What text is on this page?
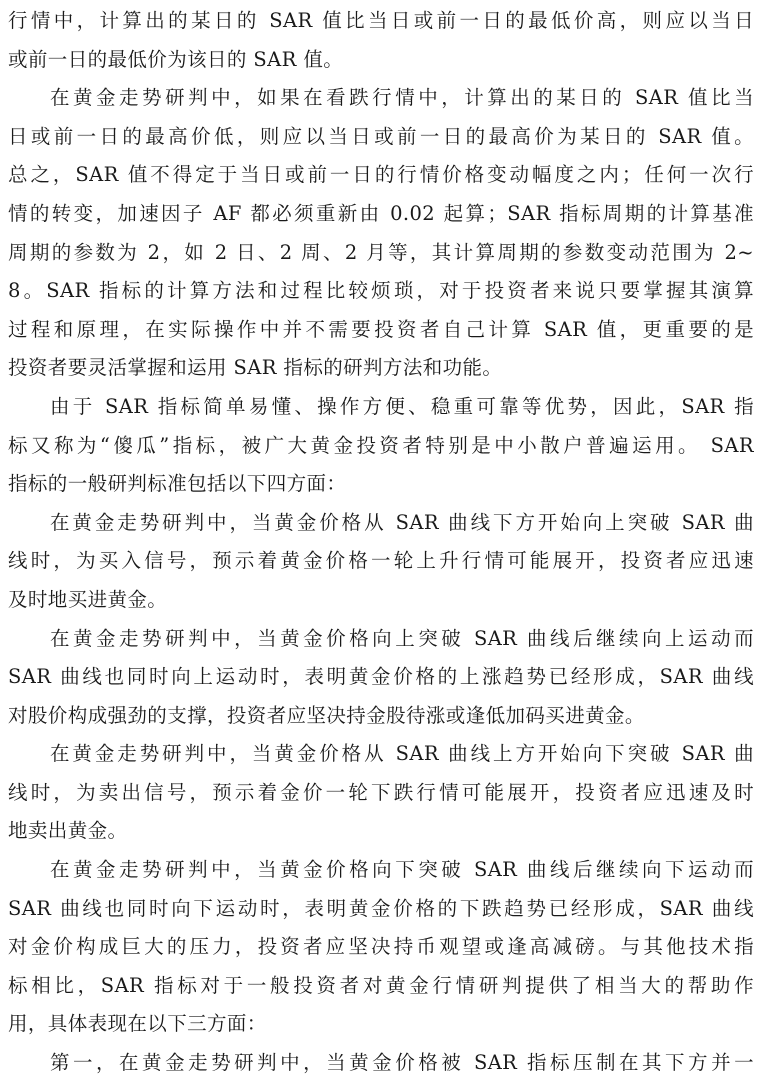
行情中，计算出的某日的 SAR 值比当日或前一日的最低价高，则应以当日
或前一日的最低价为该日的 SAR 值。
在黄金走势研判中，如果在看跌行情中，计算出的某日的 SAR 值比当
日或前一日的最高价低，则应以当日或前一日的最高价为某日的 SAR 值。
总之，SAR 值不得定于当日或前一日的行情价格变动幅度之内；任何一次行
情的转变，加速因子 AF 都必须重新由 0.02 起算；SAR 指标周期的计算基准
周期的参数为 2，如 2 日、2 周、2 月等，其计算周期的参数变动范围为 2~
8。SAR 指标的计算方法和过程比较烦琐，对于投资者来说只要掌握其演算
过程和原理，在实际操作中并不需要投资者自己计算 SAR 值，更重要的是
投资者要灵活掌握和运用 SAR 指标的研判方法和功能。
由于 SAR 指标简单易懂、操作方便、稳重可靠等优势，因此，SAR 指
标又称为“傻瓜”指标，被广大黄金投资者特别是中小散户普遍运用。 SAR
指标的一般研判标准包括以下四方面：
在黄金走势研判中，当黄金价格从 SAR 曲线下方开始向上突破 SAR 曲
线时，为买入信号，预示着黄金价格一轮上升行情可能展开，投资者应迅速
及时地买进黄金。
在黄金走势研判中，当黄金价格向上突破 SAR 曲线后继续向上运动而
SAR 曲线也同时向上运动时，表明黄金价格的上涨趋势已经形成，SAR 曲线
对股价构成强劲的支撑，投资者应坚决持金股待涨或逢低加码买进黄金。
在黄金走势研判中，当黄金价格从 SAR 曲线上方开始向下突破 SAR 曲
线时，为卖出信号，预示着金价一轮下跌行情可能展开，投资者应迅速及时
地卖出黄金。
在黄金走势研判中，当黄金价格向下突破 SAR 曲线后继续向下运动而
SAR 曲线也同时向下运动时，表明黄金价格的下跌趋势已经形成，SAR 曲线
对金价构成巨大的压力，投资者应坚决持币观望或逢高减磅。与其他技术指
标相比，SAR 指标对于一般投资者对黄金行情研判提供了相当大的帮助作
用，具体表现在以下三方面：
第一，在黄金走势研判中，当黄金价格被 SAR 指标压制在其下方并一
